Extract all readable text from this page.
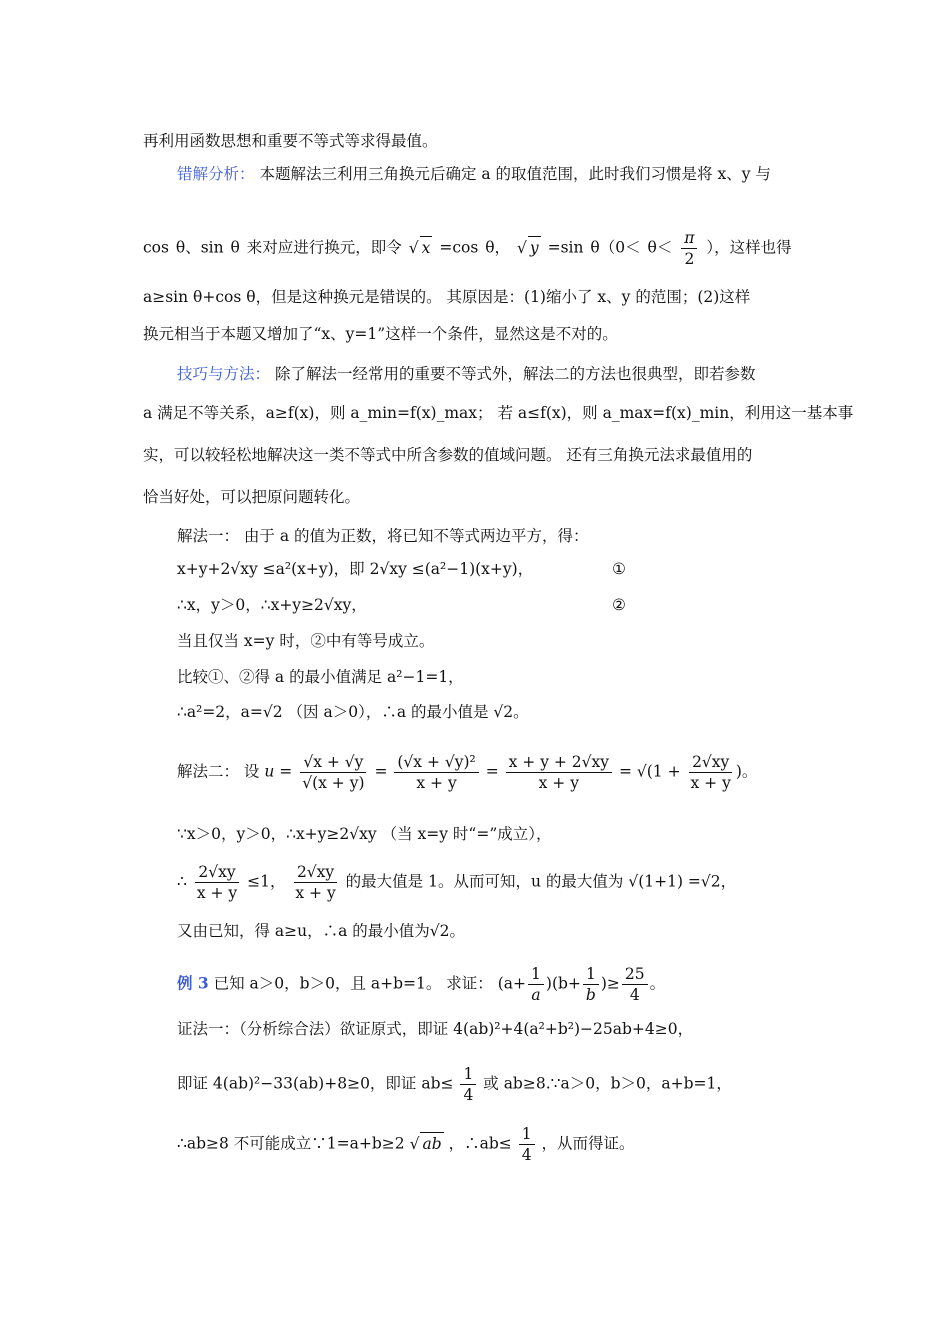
再利用函数思想和重要不等式等求得最值。
错解分析： 本题解法三利用三角换元后确定 a 的取值范围，此时我们习惯是将 x、y 与
cos θ、sin θ 来对应进行换元，即令 √ x =cos θ， √ y =sin $\theta(0< \theta< \frac{\pi}{2}$ ），这样也得
a≥sin θ+cos θ，但是这种换元是错误的。 其原因是：(1)缩小了 x、y 的范围；(2)这样
换元相当于本题又增加了“x、y=1”这样一个条件，显然这是不对的。
技巧与方法： 除了解法一经常用的重要不等式外，解法二的方法也很典型，即若参数
a 满足不等关系，a≥f(x)，则 a_min=f(x)_max； 若 a≤f(x)，则 a_max=f(x)_min，利用这一基本事
实，可以较轻松地解决这一类不等式中所含参数的值域问题。 还有三角换元法求最值用的
恰当好处，可以把原问题转化。
解法一： 由于 a 的值为正数，将已知不等式两边平方，得：
x+y+2√xy ≤a²(x+y)，即 2√xy ≤(a²−1)(x+y)，	①
∴x，y＞0，∴x+y≥2√xy，	②
当且仅当 x=y 时，②中有等号成立。
比较①、②得 a 的最小值满足 a²−1=1，
∴a²=2，a=√2 （因 a＞0），∴a 的最小值是 √2。
解法二： 设 $u = \frac{√x + √y}{√(x + y)} = \frac{\text{(√x + √y)²}}{x + y} = \frac{x + y + 2√xy}{x + y} = √(1 + \frac{2√xy}{x + y}$ )。
∵x＞0，y＞0，∴x+y≥2√xy （当 x=y 时“=”成立），
∴ $\frac{2√xy}{x + y} \le 1$， $\frac{2√xy}{x + y}$ 的最大值是 1。从而可知，u 的最大值为 √(1+1) =√2，
又由已知，得 a≥u，∴a 的最小值为√2。
例 3 已知 a＞0，b＞0，且 a+b=1。 求证： $(a+ \frac{1}{a} )(b+ \frac{1}{b}$ )≥ $\frac{25}{4}$ 。
证法一：（分析综合法）欲证原式，即证 4(ab)²+4(a²+b²)−25ab+4≥0，
即证 4(ab)²−33(ab)+8≥0，即证 $ab\le \frac{1}{4}$ 或 ab≥8.∵a＞0，b＞0，a+b=1，
∴ab≥8 不可能成立∵1=a+b≥2 √ ab ，∴ab≤ $\frac{1}{4}$ ，从而得证。
